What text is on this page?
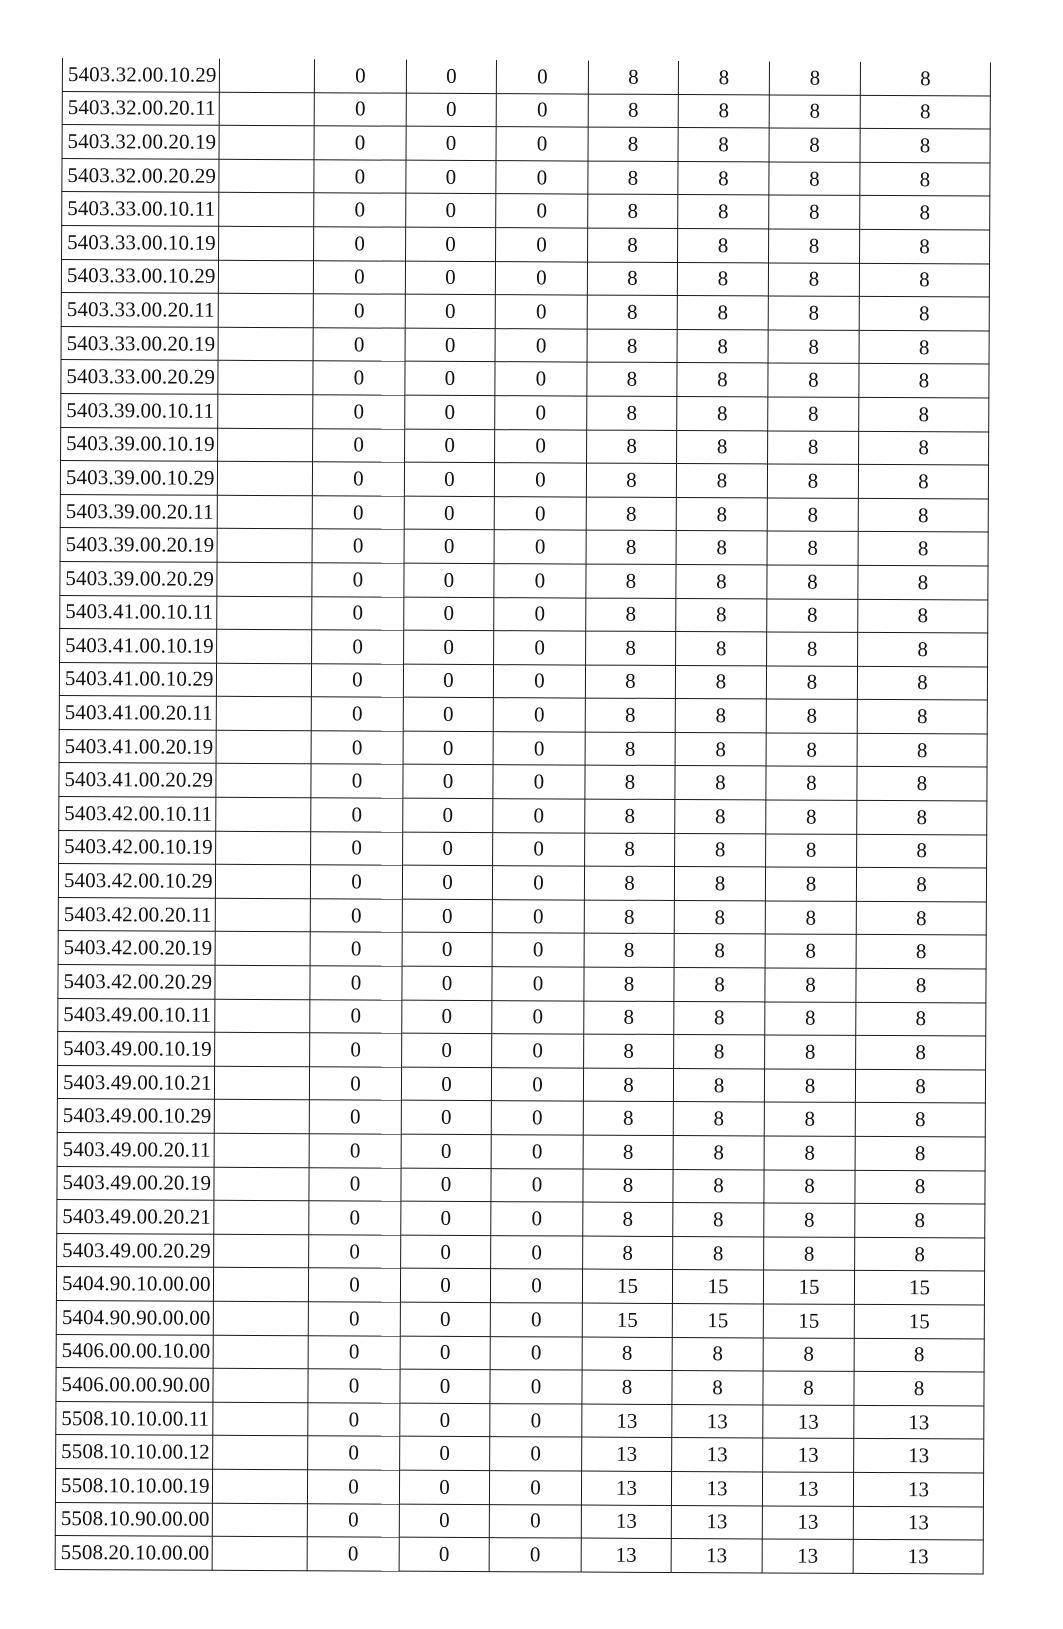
5403.32.00.10.29		0	0	0	8	8	8	8
5403.32.00.20.11		0	0	0	8	8	8	8
5403.32.00.20.19		0	0	0	8	8	8	8
5403.32.00.20.29		0	0	0	8	8	8	8
5403.33.00.10.11		0	0	0	8	8	8	8
5403.33.00.10.19		0	0	0	8	8	8	8
5403.33.00.10.29		0	0	0	8	8	8	8
5403.33.00.20.11		0	0	0	8	8	8	8
5403.33.00.20.19		0	0	0	8	8	8	8
5403.33.00.20.29		0	0	0	8	8	8	8
5403.39.00.10.11		0	0	0	8	8	8	8
5403.39.00.10.19		0	0	0	8	8	8	8
5403.39.00.10.29		0	0	0	8	8	8	8
5403.39.00.20.11		0	0	0	8	8	8	8
5403.39.00.20.19		0	0	0	8	8	8	8
5403.39.00.20.29		0	0	0	8	8	8	8
5403.41.00.10.11		0	0	0	8	8	8	8
5403.41.00.10.19		0	0	0	8	8	8	8
5403.41.00.10.29		0	0	0	8	8	8	8
5403.41.00.20.11		0	0	0	8	8	8	8
5403.41.00.20.19		0	0	0	8	8	8	8
5403.41.00.20.29		0	0	0	8	8	8	8
5403.42.00.10.11		0	0	0	8	8	8	8
5403.42.00.10.19		0	0	0	8	8	8	8
5403.42.00.10.29		0	0	0	8	8	8	8
5403.42.00.20.11		0	0	0	8	8	8	8
5403.42.00.20.19		0	0	0	8	8	8	8
5403.42.00.20.29		0	0	0	8	8	8	8
5403.49.00.10.11		0	0	0	8	8	8	8
5403.49.00.10.19		0	0	0	8	8	8	8
5403.49.00.10.21		0	0	0	8	8	8	8
5403.49.00.10.29		0	0	0	8	8	8	8
5403.49.00.20.11		0	0	0	8	8	8	8
5403.49.00.20.19		0	0	0	8	8	8	8
5403.49.00.20.21		0	0	0	8	8	8	8
5403.49.00.20.29		0	0	0	8	8	8	8
5404.90.10.00.00		0	0	0	15	15	15	15
5404.90.90.00.00		0	0	0	15	15	15	15
5406.00.00.10.00		0	0	0	8	8	8	8
5406.00.00.90.00		0	0	0	8	8	8	8
5508.10.10.00.11		0	0	0	13	13	13	13
5508.10.10.00.12		0	0	0	13	13	13	13
5508.10.10.00.19		0	0	0	13	13	13	13
5508.10.90.00.00		0	0	0	13	13	13	13
5508.20.10.00.00		0	0	0	13	13	13	13
